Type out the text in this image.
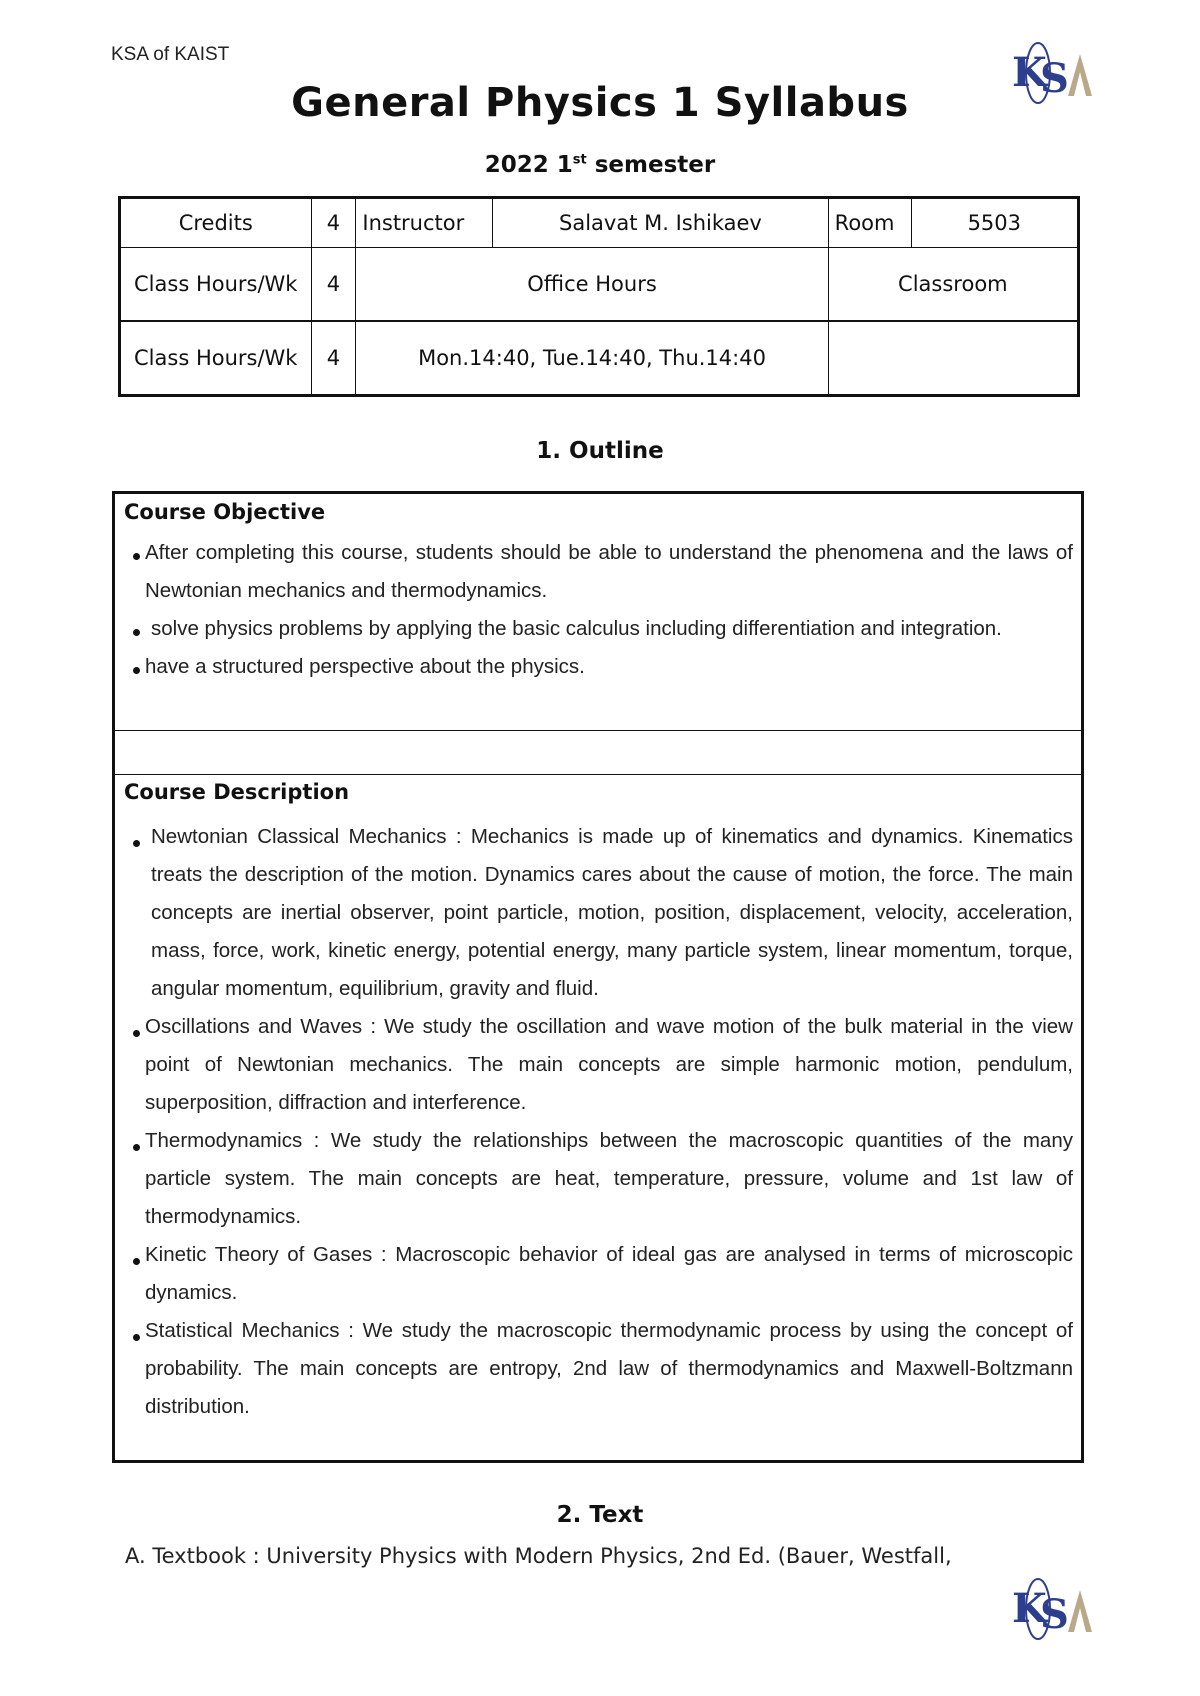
KSA of KAIST	K
S
General Physics 1 Syllabus
2022 1st semester
Credits	4	Instructor	Salavat M. Ishikaev	Room	5503
Class Hours/Wk	4	Office Hours		Classroom	
Class Hours/Wk	4	Mon.14:40, Tue.14:40, Thu.14:40			
1. Outline
Course Objective
After completing this course, students should be able to understand the phenomena and the laws of Newtonian mechanics and thermodynamics.
solve physics problems by applying the basic calculus including differentiation and integration.
have a structured perspective about the physics.
Course Description
Newtonian Classical Mechanics : Mechanics is made up of kinematics and dynamics. Kinematics treats the description of the motion. Dynamics cares about the cause of motion, the force. The main concepts are inertial observer, point particle, motion, position, displacement, velocity, acceleration, mass, force, work, kinetic energy, potential energy, many particle system, linear momentum, torque, angular momentum, equilibrium, gravity and fluid.
Oscillations and Waves : We study the oscillation and wave motion of the bulk material in the view point of Newtonian mechanics. The main concepts are simple harmonic motion, pendulum, superposition, diffraction and interference.
Thermodynamics : We study the relationships between the macroscopic quantities of the many particle system. The main concepts are heat, temperature, pressure, volume and 1st law of thermodynamics.
Kinetic Theory of Gases : Macroscopic behavior of ideal gas are analysed in terms of microscopic dynamics.
Statistical Mechanics : We study the macroscopic thermodynamic process by using the concept of probability. The main concepts are entropy, 2nd law of thermodynamics and Maxwell-Boltzmann distribution.
2. Text
A. Textbook : University Physics with Modern Physics, 2nd Ed. (Bauer, Westfall,
K
S
